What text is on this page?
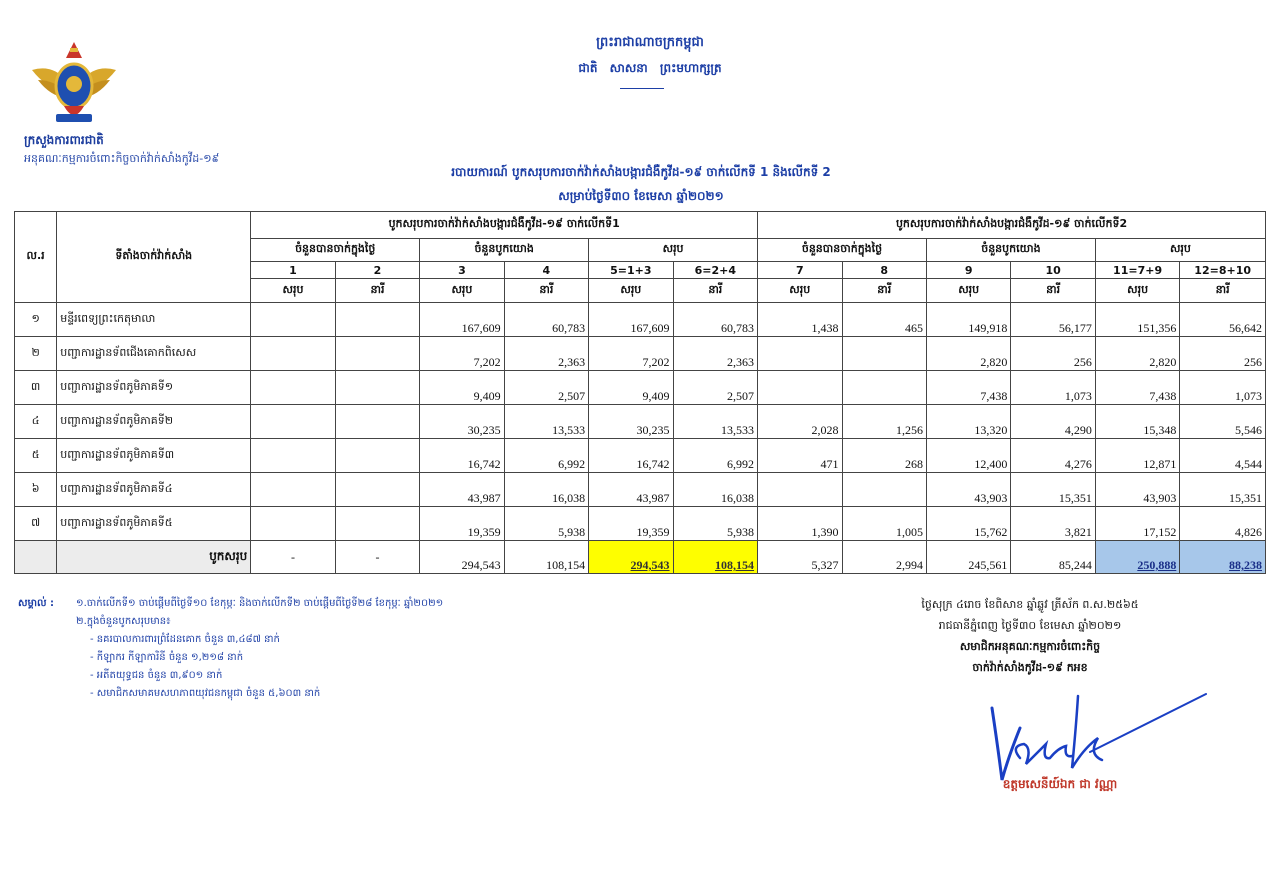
ក្រសួងការពារជាតិ
អនុគណៈកម្មការចំពោះកិច្ចចាក់វ៉ាក់សាំងកូវីដ-១៩
ព្រះរាជាណាចក្រកម្ពុជា
ជាតិ សាសនា ព្រះមហាក្សត្រ
របាយការណ៍ បូកសរុបការចាក់វ៉ាក់សាំងបង្ការជំងឺកូវីដ-១៩ ចាក់លើកទី 1 និងលើកទី 2
សម្រាប់ថ្ងៃទី៣០ ខែមេសា ឆ្នាំ២០២១
ល.រ	ទីតាំងចាក់វ៉ាក់សាំង	បូកសរុបការចាក់វ៉ាក់សាំងបង្ការជំងឺកូវីដ-១៩ ចាក់លើកទី1						បូកសរុបការចាក់វ៉ាក់សាំងបង្ការជំងឺកូវីដ-១៩ ចាក់លើកទី2					
		ចំនួនបានចាក់ក្នុងថ្ងៃ		ចំនួនបូកយោង		សរុប		ចំនួនបានចាក់ក្នុងថ្ងៃ		ចំនួនបូកយោង		សរុប	
		1	2	3	4	5=1+3	6=2+4	7	8	9	10	11=7+9	12=8+10
		សរុប	នារី	សរុប	នារី	សរុប	នារី	សរុប	នារី	សរុប	នារី	សរុប	នារី
១	មន្ទីរពេទ្យព្រះកេតុមាលា			167,609	60,783	167,609	60,783	1,438	465	149,918	56,177	151,356	56,642
២	បញ្ជាការដ្ឋានទ័ពជើងគោកពិសេស			7,202	2,363	7,202	2,363			2,820	256	2,820	256
៣	បញ្ជាការដ្ឋានទ័ពភូមិភាគទី១			9,409	2,507	9,409	2,507			7,438	1,073	7,438	1,073
៤	បញ្ជាការដ្ឋានទ័ពភូមិភាគទី២			30,235	13,533	30,235	13,533	2,028	1,256	13,320	4,290	15,348	5,546
៥	បញ្ជាការដ្ឋានទ័ពភូមិភាគទី៣			16,742	6,992	16,742	6,992	471	268	12,400	4,276	12,871	4,544
៦	បញ្ជាការដ្ឋានទ័ពភូមិភាគទី៤			43,987	16,038	43,987	16,038			43,903	15,351	43,903	15,351
៧	បញ្ជាការដ្ឋានទ័ពភូមិភាគទី៥			19,359	5,938	19,359	5,938	1,390	1,005	15,762	3,821	17,152	4,826
	បូកសរុប	-	-	294,543	108,154	294,543	108,154	5,327	2,994	245,561	85,244	250,888	88,238
សម្គាល់ : ១.ចាក់លើកទី១ ចាប់ផ្តើមពីថ្ងៃទី១០ ខែកុម្ភៈ និងចាក់លើកទី២ ចាប់ផ្តើមពីថ្ងៃទី២៨ ខែកុម្ភៈ ឆ្នាំ២០២១
២.ក្នុងចំនួនបូកសរុបមាន៖
- នគរបាលការពារព្រំដែនគោក ចំនួន ៣,៤៨៧ នាក់
- កីឡាករ កីឡាការិនី ចំនួន ១,២១៨ នាក់
- អតីតយុទ្ធជន ចំនួន ៣,៩០១ នាក់
- សមាជិកសមាគមសហភាពយុវជនកម្ពុជា ចំនួន ៥,៦០៣ នាក់
ថ្ងៃសុក្រ ៤រោច ខែពិសាខ ឆ្នាំឆ្លូវ ត្រីស័ក ព.ស.២៥៦៥
រាជធានីភ្នំពេញ ថ្ងៃទី៣០ ខែមេសា ឆ្នាំ២០២១
សមាជិកអនុគណៈកម្មការចំពោះកិច្ច
ចាក់វ៉ាក់សាំងកូវីដ-១៩ កអខ
ឧត្តមសេនីយ៍ឯក ជា វណ្ណា
